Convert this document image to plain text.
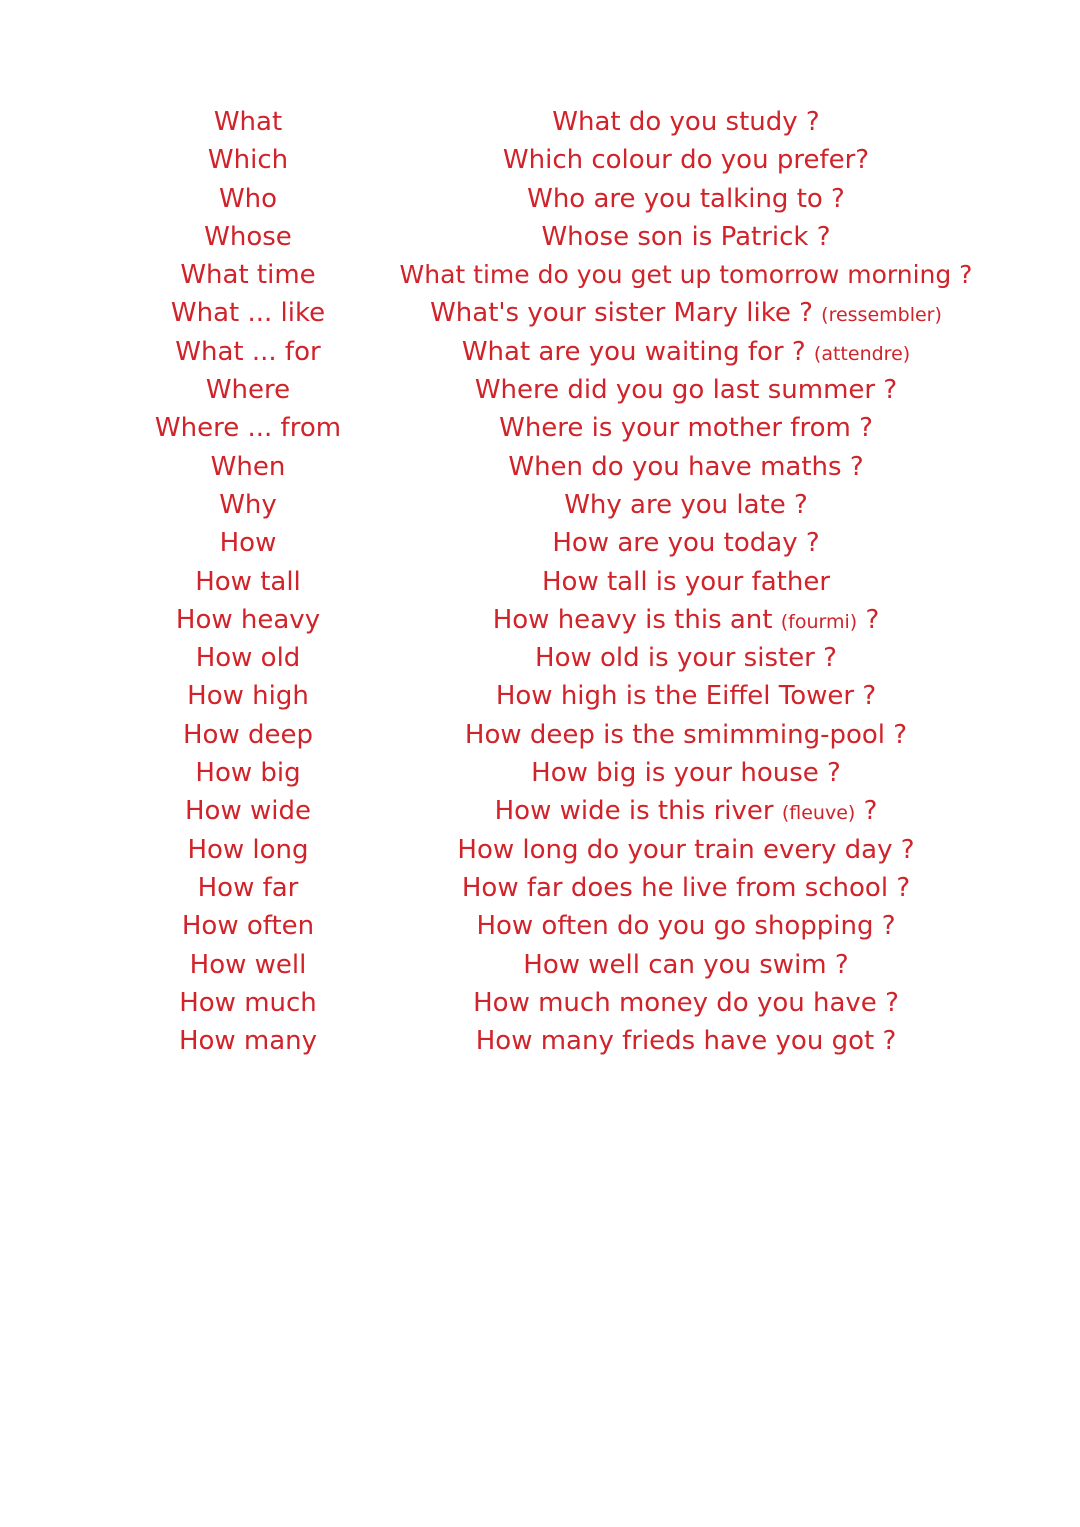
What	What do you study ?
Which	Which colour do you prefer?
Who	Who are you talking to ?
Whose	Whose son is Patrick ?
What time	What time do you get up tomorrow morning ?
What ... like	What's your sister Mary like ? (ressembler)
What ... for	What are you waiting for ? (attendre)
Where	Where did you go last summer ?
Where ... from	Where is your mother from ?
When	When do you have maths ?
Why	Why are you late ?
How	How are you today ?
How tall	How tall is your father
How heavy	How heavy is this ant (fourmi) ?
How old	How old is your sister ?
How high	How high is the Eiffel Tower ?
How deep	How deep is the smimming-pool ?
How big	How big is your house ?
How wide	How wide is this river (fleuve) ?
How long	How long do your train every day ?
How far	How far does he live from school ?
How often	How often do you go shopping ?
How well	How well can you swim ?
How much	How much money do you have ?
How many	How many frieds have you got ?
